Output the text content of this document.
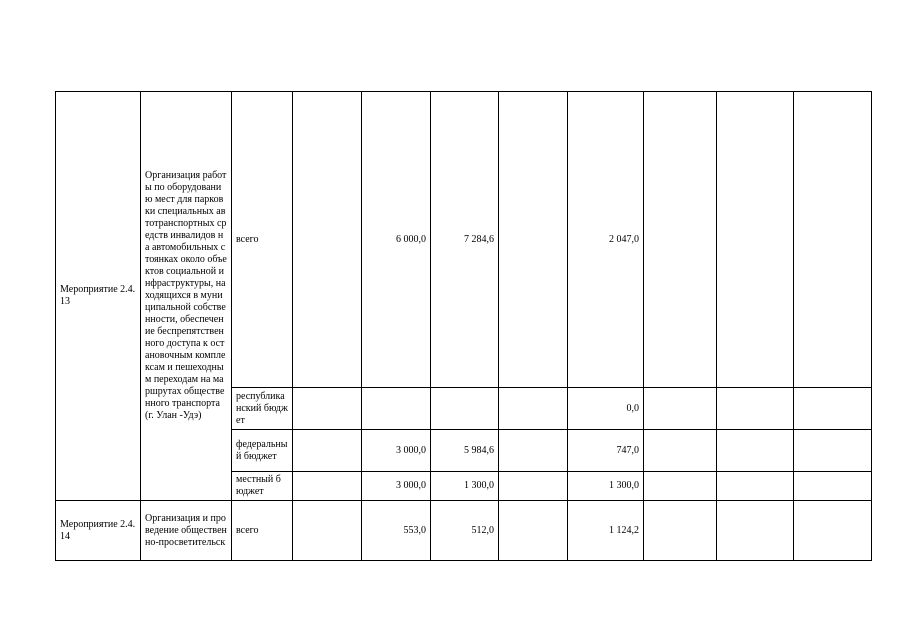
Мероприятие 2.4.13	Организация работы по оборудованию мест для парковки специальных автотранспортных средств инвалидов на автомобильных стоянках около объектов социальной инфраструктуры, находящихся в муниципальной собственности, обеспечение беспрепятственного доступа к остановочным комплексам и пешеходным переходам на маршрутах общественного транспорта (г. Улан -Удэ)	всего		6 000,0	7 284,6		2 047,0			
		республиканский бюджет					0,0			
		федеральный бюджет		3 000,0	5 984,6		747,0			
		местный бюджет		3 000,0	1 300,0		1 300,0			
Мероприятие 2.4.14	Организация и проведение общественно-просветительск	всего		553,0	512,0		1 124,2			
